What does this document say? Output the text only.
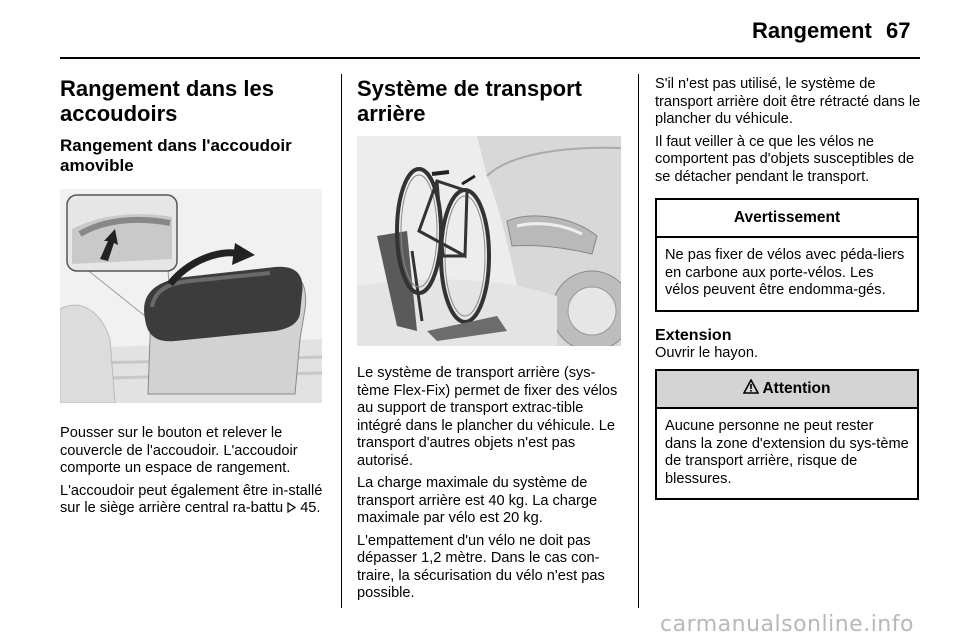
Rangement 67
Rangement dans les accoudoirs
Rangement dans l'accoudoir amovible

Pousser sur le bouton et relever le couvercle de l'accoudoir. L'accoudoir comporte un espace de rangement.

L'accoudoir peut également être in-stallé sur le siège arrière central ra-battu 45.

Système de transport arrière

Le système de transport arrière (sys-tème Flex-Fix) permet de fixer des vélos au support de transport extrac-tible intégré dans le plancher du véhicule. Le transport d'autres objets n'est pas autorisé.

La charge maximale du système de transport arrière est 40 kg. La charge maximale par vélo est 20 kg.

L'empattement d'un vélo ne doit pas dépasser 1,2 mètre. Dans le cas con-traire, la sécurisation du vélo n'est pas possible.

S'il n'est pas utilisé, le système de transport arrière doit être rétracté dans le plancher du véhicule.

Il faut veiller à ce que les vélos ne comportent pas d'objets susceptibles de se détacher pendant le transport.

Avertissement

Ne pas fixer de vélos avec péda-liers en carbone aux porte-vélos. Les vélos peuvent être endomma-gés.

Extension

Ouvrir le hayon.

Attention

Aucune personne ne peut rester dans la zone d'extension du sys-tème de transport arrière, risque de blessures.

carmanualsonline.info
